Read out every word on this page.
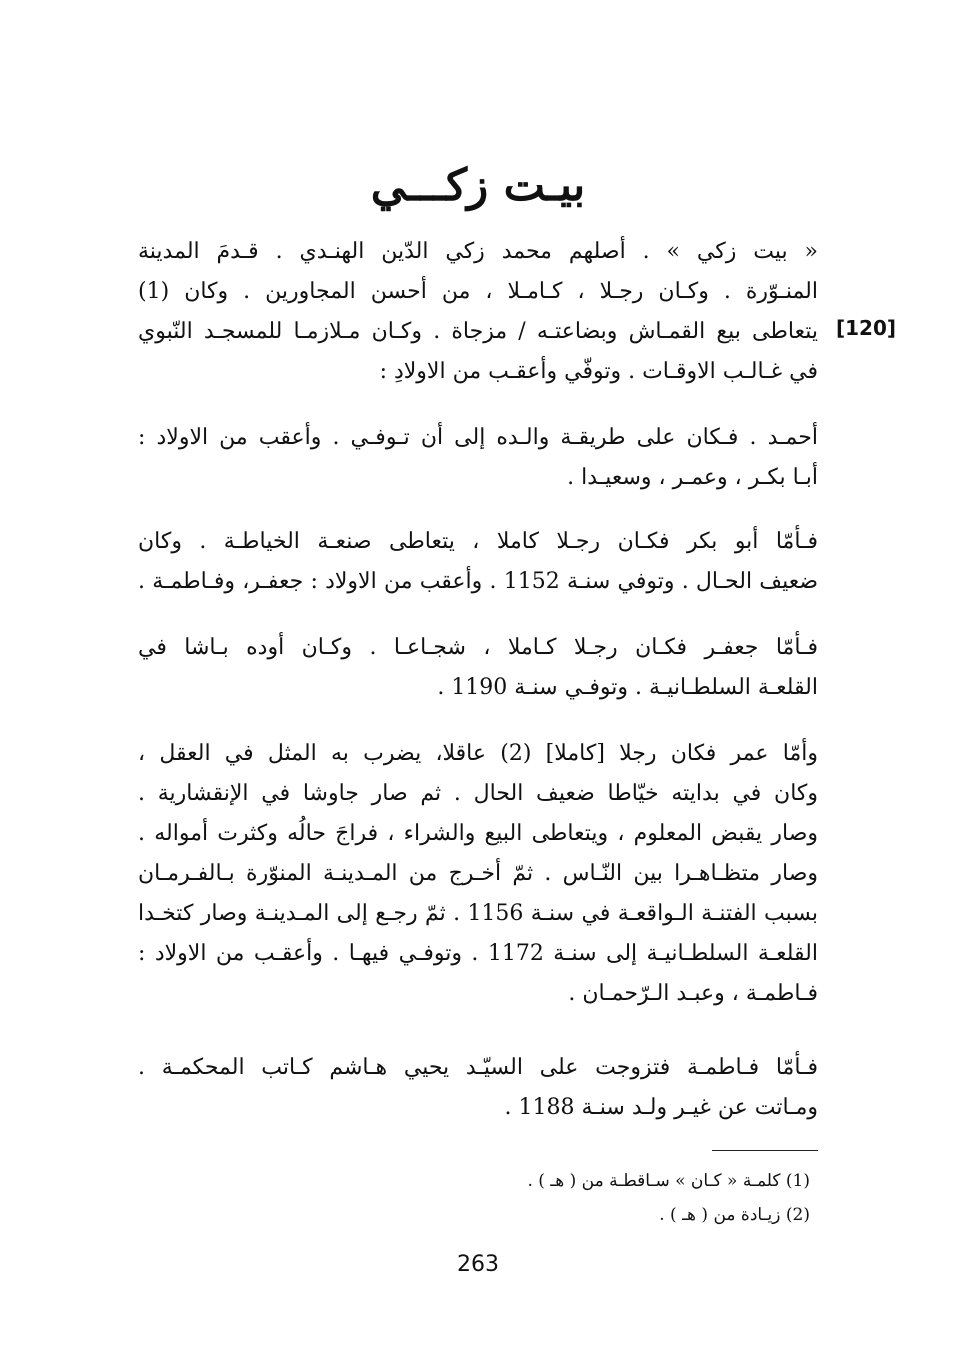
بيـت زكـــي
[120]
« بيت زكي » . أصلهم محمد زكي الدّين الهنـدي . قـدمَ المدينة
المنـوّرة . وكـان رجـلا ، كـامـلا ، من أحسن المجاورين . وكان (1)
يتعاطى بيع القمـاش وبضاعتـه / مزجاة . وكـان مـلازمـا للمسجـد النّبوي
في غـالـب الاوقـات . وتوفّي وأعقـب من الاولادِ :
أحمـد . فـكان على طريقـة والـده إلى أن تـوفـي . وأعقب من الاولاد :
أبـا بكـر ، وعمـر ، وسعيـدا .
فـأمّا أبو بكر فكـان رجـلا كاملا ، يتعاطى صنعـة الخياطـة . وكان
ضعيف الحـال . وتوفي سنـة 1152 . وأعقب من الاولاد : جعفـر، وفـاطمـة .
فـأمّا جعفـر فكـان رجـلا كـاملا ، شجـاعـا . وكـان أوده بـاشا في
القلعـة السلطـانيـة . وتوفـي سنـة 1190 .
وأمّا عمر فكان رجلا [كاملا] (2) عاقلا، يضرب به المثل في العقل ،
وكان في بدايته خيّاطا ضعيف الحال . ثم صار جاوشا في الإنقشارية .
وصار يقبض المعلوم ، ويتعاطى البيع والشراء ، فراجَ حالُه وكثرت أمواله .
وصار متظـاهـرا بين النّـاس . ثمّ أخـرج من المـدينـة المنوّرة بـالفـرمـان
بسبب الفتنـة الـواقعـة في سنـة 1156 . ثمّ رجـع إلى المـدينـة وصار كتخـدا
القلعـة السلطـانيـة إلى سنـة 1172 . وتوفـي فيهـا . وأعقـب من الاولاد :
فـاطمـة ، وعبـد الـرّحمـان .
فـأمّا فـاطمـة فتزوجت على السيّـد يحيي هـاشم كـاتب المحكمـة .
ومـاتت عن غيـر ولـد سنـة 1188 .
(1) كلمـة « كـان » سـاقطـة من ( هـ ) .
(2) زيـادة من ( هـ ) .
263
